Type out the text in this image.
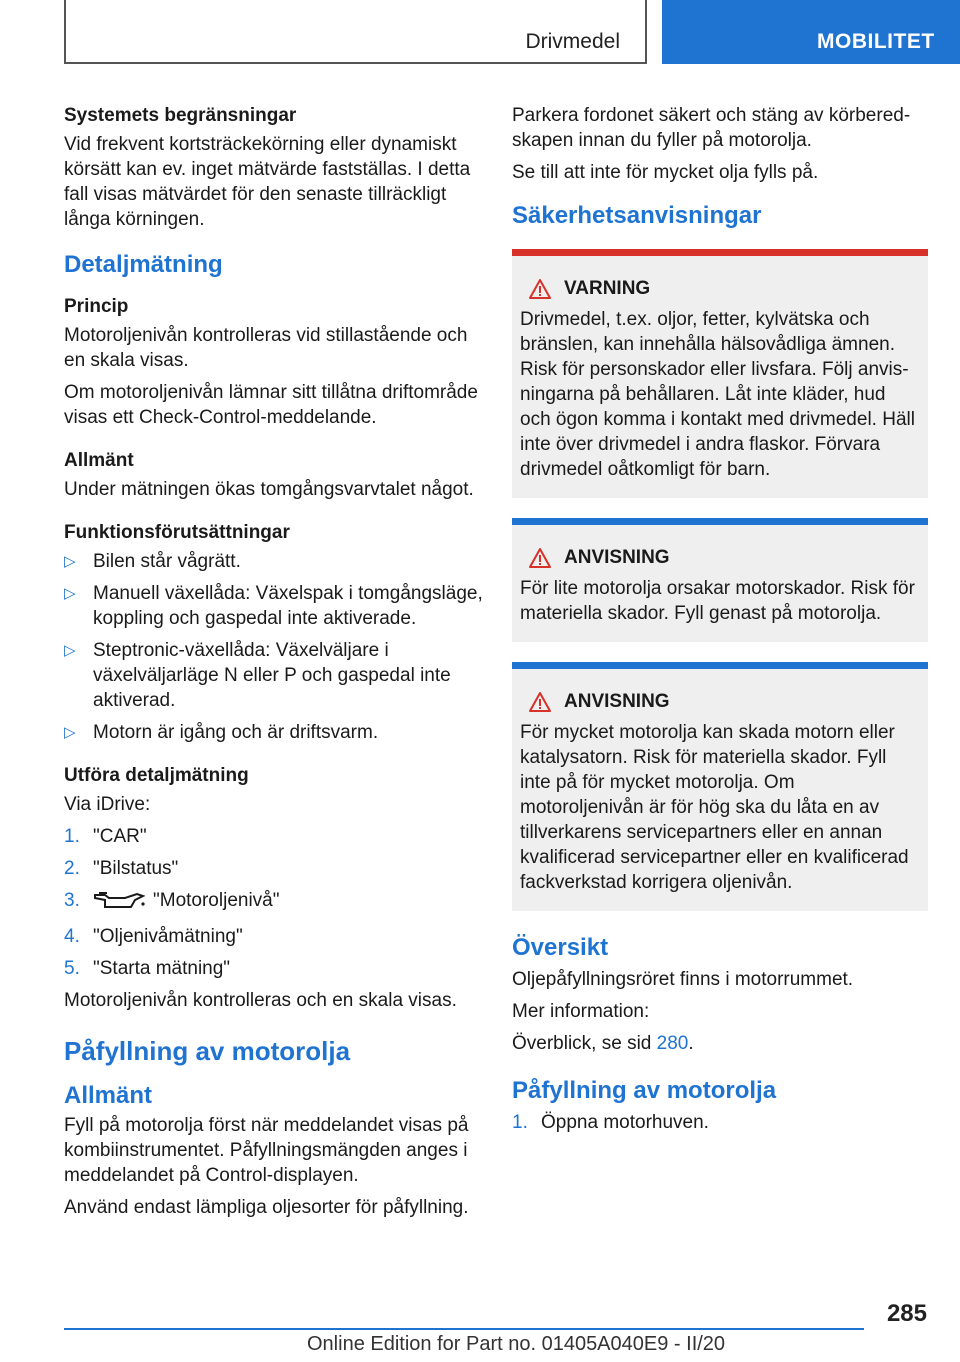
Drivmedel	MOBILITET
Systemets begränsningar

Vid frekvent kortsträckekörning eller dynamiskt körsätt kan ev. inget mätvärde fastställas. I detta fall visas mätvärdet för den senaste tillräckligt långa körningen.

Detaljmätning
Princip

Motoroljenivån kontrolleras vid stillastående och en skala visas.

Om motoroljenivån lämnar sitt tillåtna driftområde visas ett Check-Control-meddelande.

Allmänt

Under mätningen ökas tomgångsvarvtalet något.

Funktionsförutsättningar
▷ Bilen står vågrätt.
▷ Manuell växellåda: Växelspak i tomgångsläge, koppling och gaspedal inte aktiverade.
▷ Steptronic-växellåda: Växelväljare i växelväljarläge N eller P och gaspedal inte aktiverad.
▷ Motorn är igång och är driftsvarm.
Utföra detaljmätning

Via iDrive:

1. "CAR"
2. "Bilstatus"
3.	"Motoroljenivå"
4. "Oljenivåmätning"
5. "Starta mätning"

Motoroljenivån kontrolleras och en skala visas.

Påfyllning av motorolja
Allmänt

Fyll på motorolja först när meddelandet visas på kombiinstrumentet. Påfyllningsmängden anges i meddelandet på Control-displayen.

Använd endast lämpliga oljesorter för påfyllning.

Parkera fordonet säkert och stäng av körberedskapen innan du fyller på motorolja.

Se till att inte för mycket olja fylls på.

Säkerhetsanvisningar
VARNING

Drivmedel, t.ex. oljor, fetter, kylvätska och bränslen, kan innehålla hälsovådliga ämnen. Risk för personskador eller livsfara. Följ anvisningarna på behållaren. Låt inte kläder, hud och ögon komma i kontakt med drivmedel. Häll inte över drivmedel i andra flaskor. Förvara drivmedel oåtkomligt för barn.

ANVISNING

För lite motorolja orsakar motorskador. Risk för materiella skador. Fyll genast på motorolja.

ANVISNING

För mycket motorolja kan skada motorn eller katalysatorn. Risk för materiella skador. Fyll inte på för mycket motorolja. Om motoroljenivån är för hög ska du låta en av tillverkarens servicepartners eller en annan kvalificerad servicepartner eller en kvalificerad fackverkstad korrigera oljenivån.

Översikt

Oljepåfyllningsröret finns i motorrummet.

Mer information:

Överblick, se sid 280.

Påfyllning av motorolja
1. Öppna motorhuven.
285
Online Edition for Part no. 01405A040E9 - II/20
